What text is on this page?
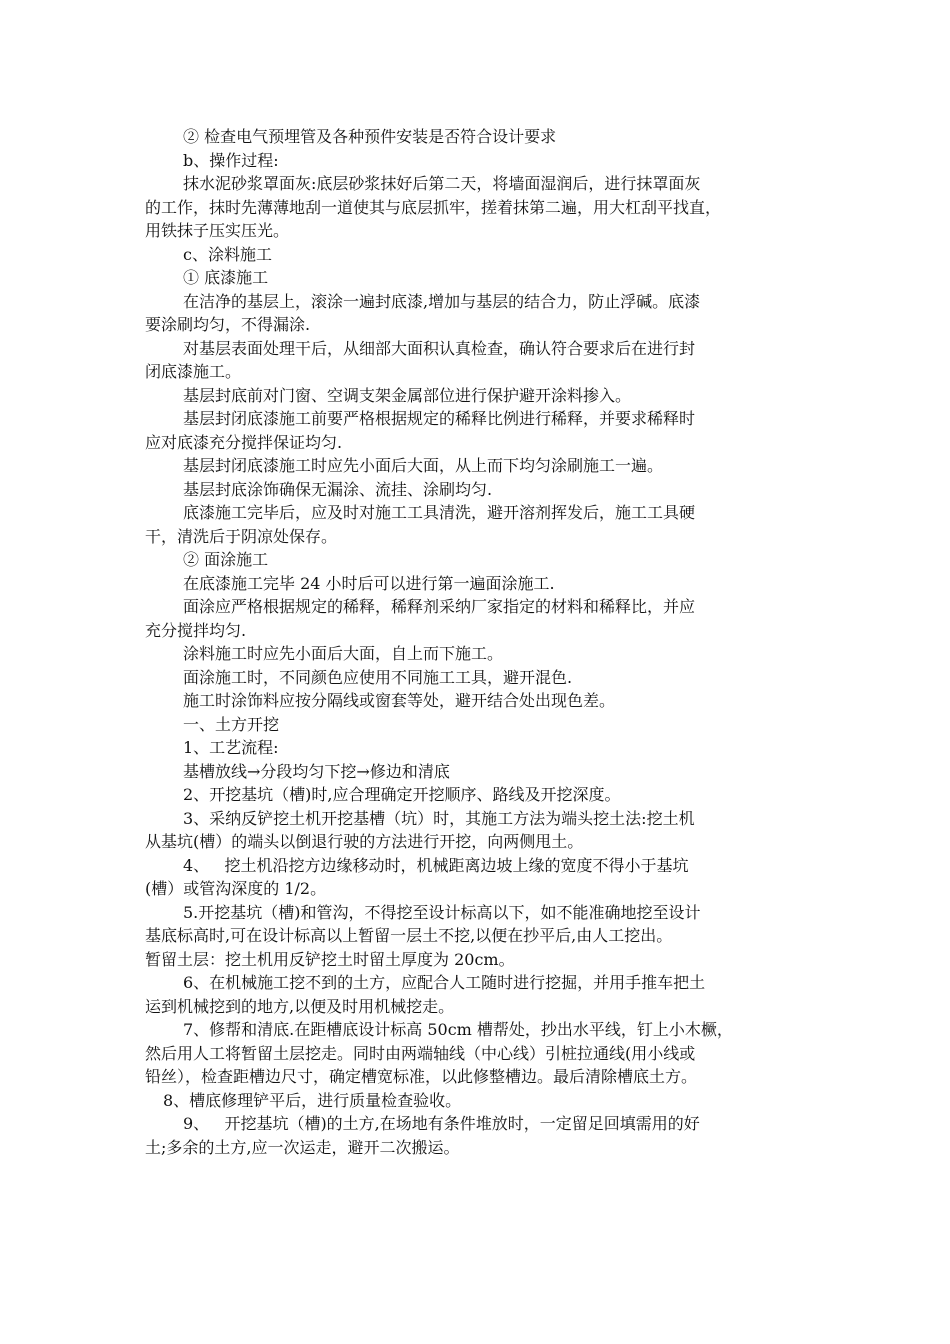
② 检查电气预埋管及各种预件安装是否符合设计要求

b、操作过程:

抹水泥砂浆罩面灰:底层砂浆抹好后第二天，将墙面湿润后，进行抹罩面灰

的工作，抹时先薄薄地刮一道使其与底层抓牢，搓着抹第二遍，用大杠刮平找直，

用铁抹子压实压光。

c、涂料施工

① 底漆施工

在洁净的基层上，滚涂一遍封底漆,增加与基层的结合力，防止浮碱。底漆

要涂刷均匀，不得漏涂.

对基层表面处理干后，从细部大面积认真检查，确认符合要求后在进行封

闭底漆施工。

基层封底前对门窗、空调支架金属部位进行保护避开涂料掺入。

基层封闭底漆施工前要严格根据规定的稀释比例进行稀释，并要求稀释时

应对底漆充分搅拌保证均匀.

基层封闭底漆施工时应先小面后大面，从上而下均匀涂刷施工一遍。

基层封底涂饰确保无漏涂、流挂、涂刷均匀.

底漆施工完毕后，应及时对施工工具清洗，避开溶剂挥发后，施工工具硬

干，清洗后于阴凉处保存。

② 面涂施工

在底漆施工完毕 24 小时后可以进行第一遍面涂施工.

面涂应严格根据规定的稀释，稀释剂采纳厂家指定的材料和稀释比，并应

充分搅拌均匀.

涂料施工时应先小面后大面，自上而下施工。

面涂施工时，不同颜色应使用不同施工工具，避开混色.

施工时涂饰料应按分隔线或窗套等处，避开结合处出现色差。

一、土方开挖

1、工艺流程:

基槽放线→分段均匀下挖→修边和清底

2、开挖基坑（槽)时,应合理确定开挖顺序、路线及开挖深度。

3、采纳反铲挖土机开挖基槽（坑）时，其施工方法为端头挖土法:挖土机

从基坑(槽）的端头以倒退行驶的方法进行开挖，向两侧甩土。

4、   挖土机沿挖方边缘移动时，机械距离边坡上缘的宽度不得小于基坑

(槽）或管沟深度的 1/2。

5.开挖基坑（槽)和管沟，不得挖至设计标高以下，如不能准确地挖至设计

基底标高时,可在设计标高以上暂留一层土不挖,以便在抄平后,由人工挖出。

暂留土层：挖土机用反铲挖土时留土厚度为 20cm。

6、在机械施工挖不到的土方，应配合人工随时进行挖掘，并用手推车把土

运到机械挖到的地方,以便及时用机械挖走。

7、修帮和清底.在距槽底设计标高 50cm 槽帮处，抄出水平线，钉上小木橛，

然后用人工将暂留土层挖走。同时由两端轴线（中心线）引桩拉通线(用小线或

铅丝），检查距槽边尺寸，确定槽宽标准，以此修整槽边。最后清除槽底土方。

8、槽底修理铲平后，进行质量检查验收。

9、   开挖基坑（槽)的土方,在场地有条件堆放时，一定留足回填需用的好

土;多余的土方,应一次运走，避开二次搬运。
